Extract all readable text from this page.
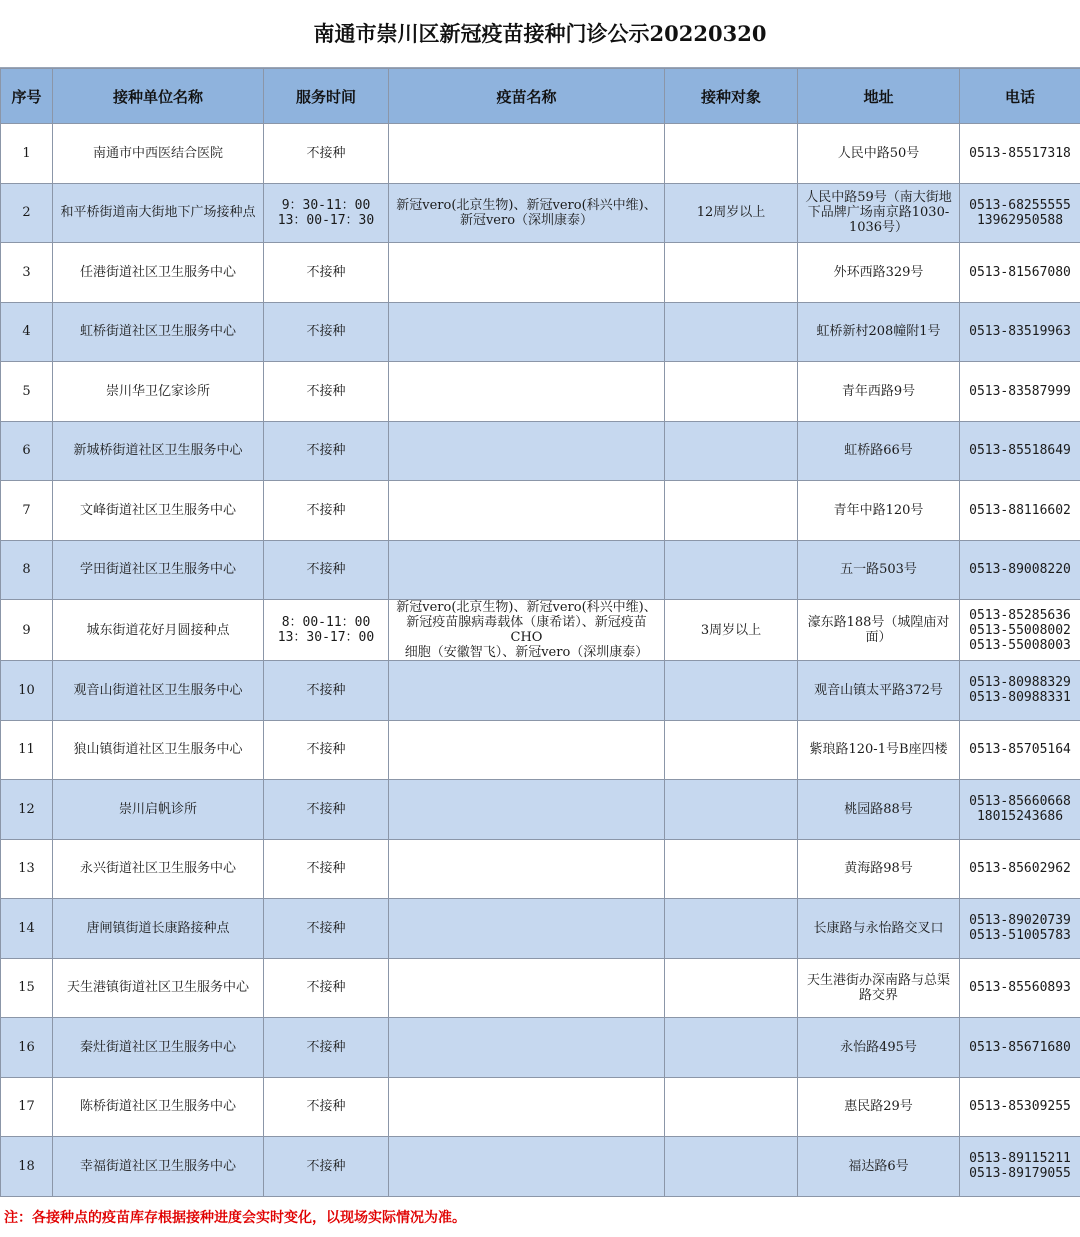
南通市崇川区新冠疫苗接种门诊公示20220320
序号	接种单位名称	服务时间	疫苗名称	接种对象	地址	电话
1	南通市中西医结合医院	不接种			人民中路50号	0513-85517318

2	和平桥街道南大街地下广场接种点	9：30-11：00
13：00-17：30	新冠vero(北京生物)、新冠vero(科兴中维)、
新冠vero（深圳康泰）	12周岁以上	人民中路59号（南大街地下品牌广场南京路1030-1036号）	0513-68255555
13962950588

3	任港街道社区卫生服务中心	不接种			外环西路329号	0513-81567080

4	虹桥街道社区卫生服务中心	不接种			虹桥新村208幢附1号	0513-83519963

5	崇川华卫亿家诊所	不接种			青年西路9号	0513-83587999

6	新城桥街道社区卫生服务中心	不接种			虹桥路66号	0513-85518649

7	文峰街道社区卫生服务中心	不接种			青年中路120号	0513-88116602

8	学田街道社区卫生服务中心	不接种			五一路503号	0513-89008220

9	城东街道花好月圆接种点	8：00-11：00
13：30-17：00	新冠vero(北京生物)、新冠vero(科兴中维)、
新冠疫苗腺病毒载体（康希诺）、新冠疫苗CHO
细胞（安徽智飞）、新冠vero（深圳康泰）	3周岁以上	濠东路188号（城隍庙对面）	0513-85285636
0513-55008002
0513-55008003

10	观音山街道社区卫生服务中心	不接种			观音山镇太平路372号	0513-80988329
0513-80988331

11	狼山镇街道社区卫生服务中心	不接种			紫琅路120-1号B座四楼	0513-85705164

12	崇川启帆诊所	不接种			桃园路88号	0513-85660668
18015243686

13	永兴街道社区卫生服务中心	不接种			黄海路98号	0513-85602962

14	唐闸镇街道长康路接种点	不接种			长康路与永怡路交叉口	0513-89020739
0513-51005783

15	天生港镇街道社区卫生服务中心	不接种			天生港街办深南路与总渠路交界	0513-85560893

16	秦灶街道社区卫生服务中心	不接种			永怡路495号	0513-85671680

17	陈桥街道社区卫生服务中心	不接种			惠民路29号	0513-85309255

18	幸福街道社区卫生服务中心	不接种			福达路6号	0513-89115211
0513-89179055
注：各接种点的疫苗库存根据接种进度会实时变化，以现场实际情况为准。
